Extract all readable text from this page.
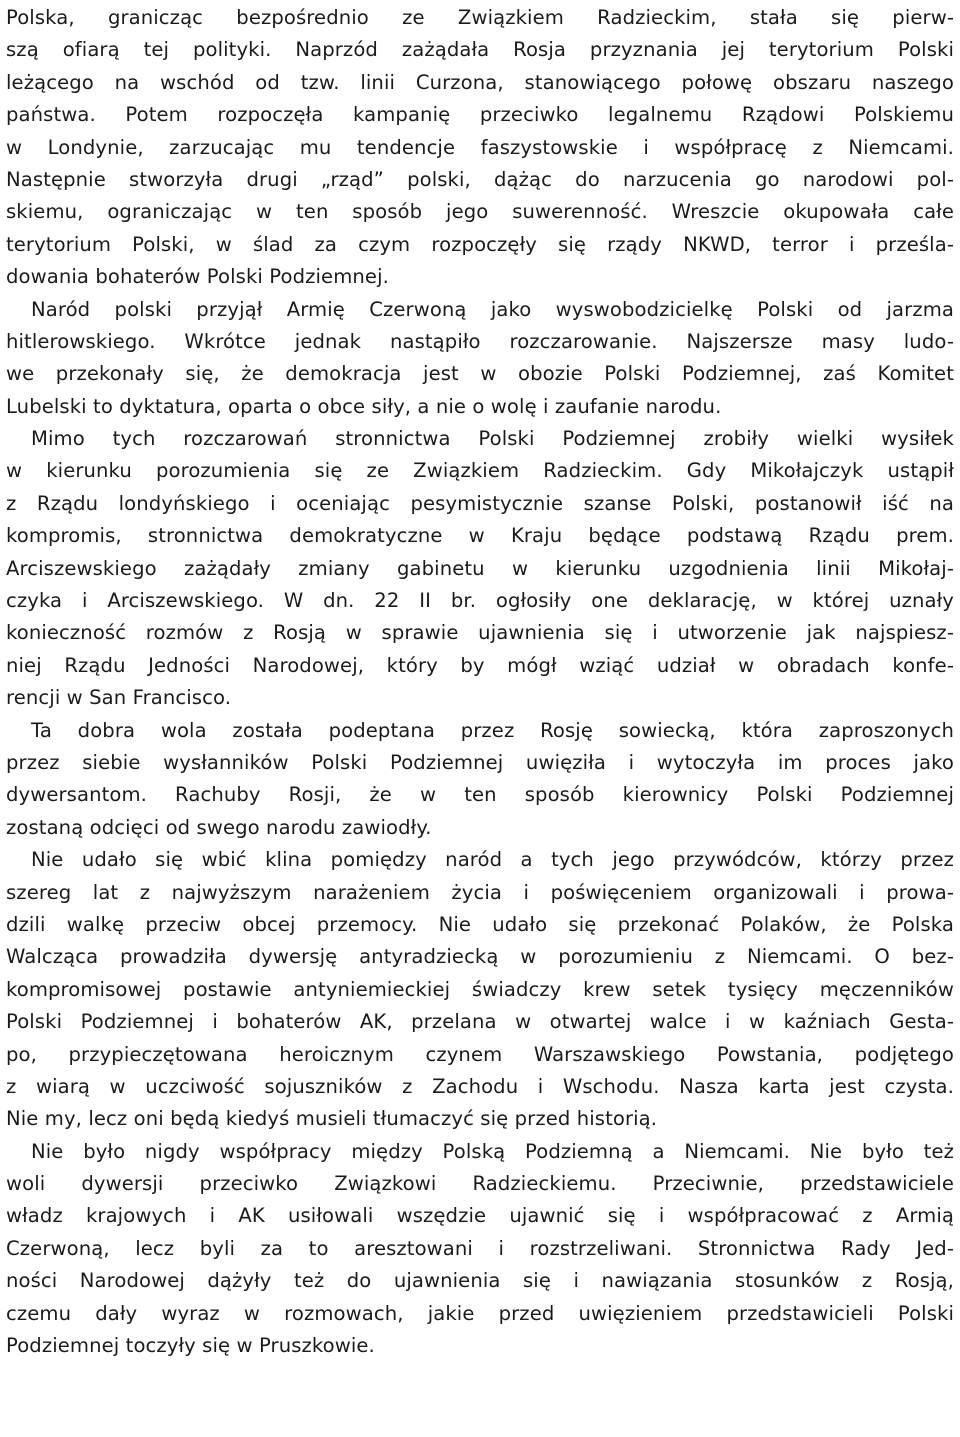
Polska, granicząc bezpośrednio ze Związkiem Radzieckim, stała się pierw-
szą ofiarą tej polityki. Naprzód zażądała Rosja przyznania jej terytorium Polski
leżącego na wschód od tzw. linii Curzona, stanowiącego połowę obszaru naszego
państwa. Potem rozpoczęła kampanię przeciwko legalnemu Rządowi Polskiemu
w Londynie, zarzucając mu tendencje faszystowskie i współpracę z Niemcami.
Następnie stworzyła drugi „rząd” polski, dążąc do narzucenia go narodowi pol-
skiemu, ograniczając w ten sposób jego suwerenność. Wreszcie okupowała całe
terytorium Polski, w ślad za czym rozpoczęły się rządy NKWD, terror i prześla-
dowania bohaterów Polski Podziemnej.
Naród polski przyjął Armię Czerwoną jako wyswobodzicielkę Polski od jarzma
hitlerowskiego. Wkrótce jednak nastąpiło rozczarowanie. Najszersze masy ludo-
we przekonały się, że demokracja jest w obozie Polski Podziemnej, zaś Komitet
Lubelski to dyktatura, oparta o obce siły, a nie o wolę i zaufanie narodu.
Mimo tych rozczarowań stronnictwa Polski Podziemnej zrobiły wielki wysiłek
w kierunku porozumienia się ze Związkiem Radzieckim. Gdy Mikołajczyk ustąpił
z Rządu londyńskiego i oceniając pesymistycznie szanse Polski, postanowił iść na
kompromis, stronnictwa demokratyczne w Kraju będące podstawą Rządu prem.
Arciszewskiego zażądały zmiany gabinetu w kierunku uzgodnienia linii Mikołaj-
czyka i Arciszewskiego. W dn. 22 II br. ogłosiły one deklarację, w której uznały
konieczność rozmów z Rosją w sprawie ujawnienia się i utworzenie jak najspiesz-
niej Rządu Jedności Narodowej, który by mógł wziąć udział w obradach konfe-
rencji w San Francisco.
Ta dobra wola została podeptana przez Rosję sowiecką, która zaproszonych
przez siebie wysłanników Polski Podziemnej uwięziła i wytoczyła im proces jako
dywersantom. Rachuby Rosji, że w ten sposób kierownicy Polski Podziemnej
zostaną odcięci od swego narodu zawiodły.
Nie udało się wbić klina pomiędzy naród a tych jego przywódców, którzy przez
szereg lat z najwyższym narażeniem życia i poświęceniem organizowali i prowa-
dzili walkę przeciw obcej przemocy. Nie udało się przekonać Polaków, że Polska
Walcząca prowadziła dywersję antyradziecką w porozumieniu z Niemcami. O bez-
kompromisowej postawie antyniemieckiej świadczy krew setek tysięcy męczenników
Polski Podziemnej i bohaterów AK, przelana w otwartej walce i w kaźniach Gesta-
po, przypieczętowana heroicznym czynem Warszawskiego Powstania, podjętego
z wiarą w uczciwość sojuszników z Zachodu i Wschodu. Nasza karta jest czysta.
Nie my, lecz oni będą kiedyś musieli tłumaczyć się przed historią.
Nie było nigdy współpracy między Polską Podziemną a Niemcami. Nie było też
woli dywersji przeciwko Związkowi Radzieckiemu. Przeciwnie, przedstawiciele
władz krajowych i AK usiłowali wszędzie ujawnić się i współpracować z Armią
Czerwoną, lecz byli za to aresztowani i rozstrzeliwani. Stronnictwa Rady Jed-
ności Narodowej dążyły też do ujawnienia się i nawiązania stosunków z Rosją,
czemu dały wyraz w rozmowach, jakie przed uwięzieniem przedstawicieli Polski
Podziemnej toczyły się w Pruszkowie.
